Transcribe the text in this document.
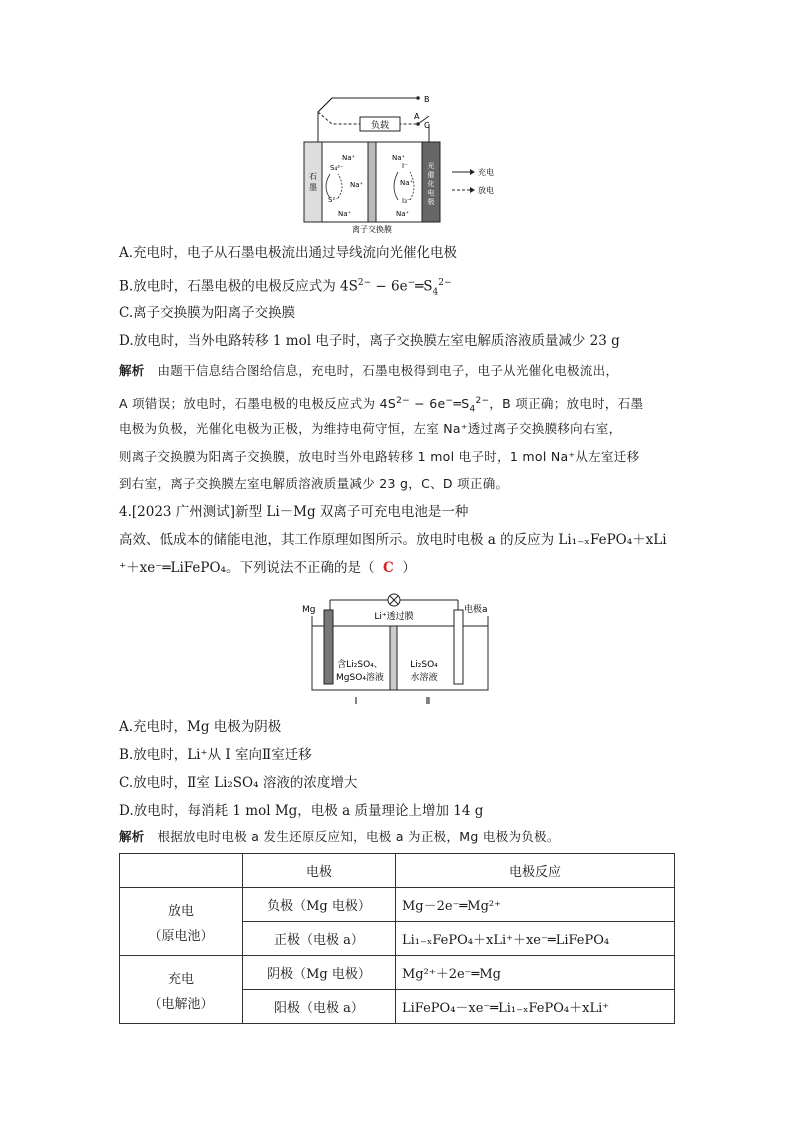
负载
B
A
C
石
墨
光
催
化
电
极
Na⁺
S₄²⁻
Na⁺
S²⁻
Na⁺
Na⁺
I⁻
Na⁺
I₃⁻
Na⁺
充电
放电
离子交换膜
A.充电时，电子从石墨电极流出通过导线流向光催化电极
B.放电时，石墨电极的电极反应式为 $4S^{2-}$ − $6e^-═S_4^{2-}$
C.离子交换膜为阳离子交换膜
D.放电时，当外电路转移 1 mol 电子时，离子交换膜左室电解质溶液质量减少 23 g
解析 由题干信息结合图给信息，充电时，石墨电极得到电子，电子从光催化电极流出，
A 项错误；放电时，石墨电极的电极反应式为 $4S^{2-}$ − $6e^-═S_4^{2-}$，B 项正确；放电时，石墨
电极为负极，光催化电极为正极，为维持电荷守恒，左室 Na⁺透过离子交换膜移向右室，
则离子交换膜为阳离子交换膜，放电时当外电路转移 1 mol 电子时，1 mol Na⁺从左室迁移
到右室，离子交换膜左室电解质溶液质量减少 23 g，C、D 项正确。
4.[2023 广州测试]新型 Li－Mg 双离子可充电电池是一种
高效、低成本的储能电池，其工作原理如图所示。放电时电极 a 的反应为 Li₁₋ₓFePO₄＋xLi
⁺＋xe⁻═LiFePO₄。下列说法不正确的是（ C ）
Mg
Li⁺透过膜
电极a
含Li₂SO₄、
MgSO₄溶液
Li₂SO₄
水溶液
Ⅰ	Ⅱ
A.充电时，Mg 电极为阴极
B.放电时，Li⁺从 Ⅰ 室向Ⅱ室迁移
C.放电时，Ⅱ室 Li₂SO₄ 溶液的浓度增大
D.放电时，每消耗 1 mol Mg，电极 a 质量理论上增加 14 g
解析 根据放电时电极 a 发生还原反应知，电极 a 为正极，Mg 电极为负极。
	电极	电极反应

放电
（原电池）	负极（Mg 电极）	Mg－2e⁻═Mg²⁺
	正极（电极 a）	Li₁₋ₓFePO₄＋xLi⁺＋xe⁻═LiFePO₄

充电
（电解池）	阴极（Mg 电极）	Mg²⁺＋2e⁻═Mg
	阳极（电极 a）	LiFePO₄－xe⁻═Li₁₋ₓFePO₄＋xLi⁺
